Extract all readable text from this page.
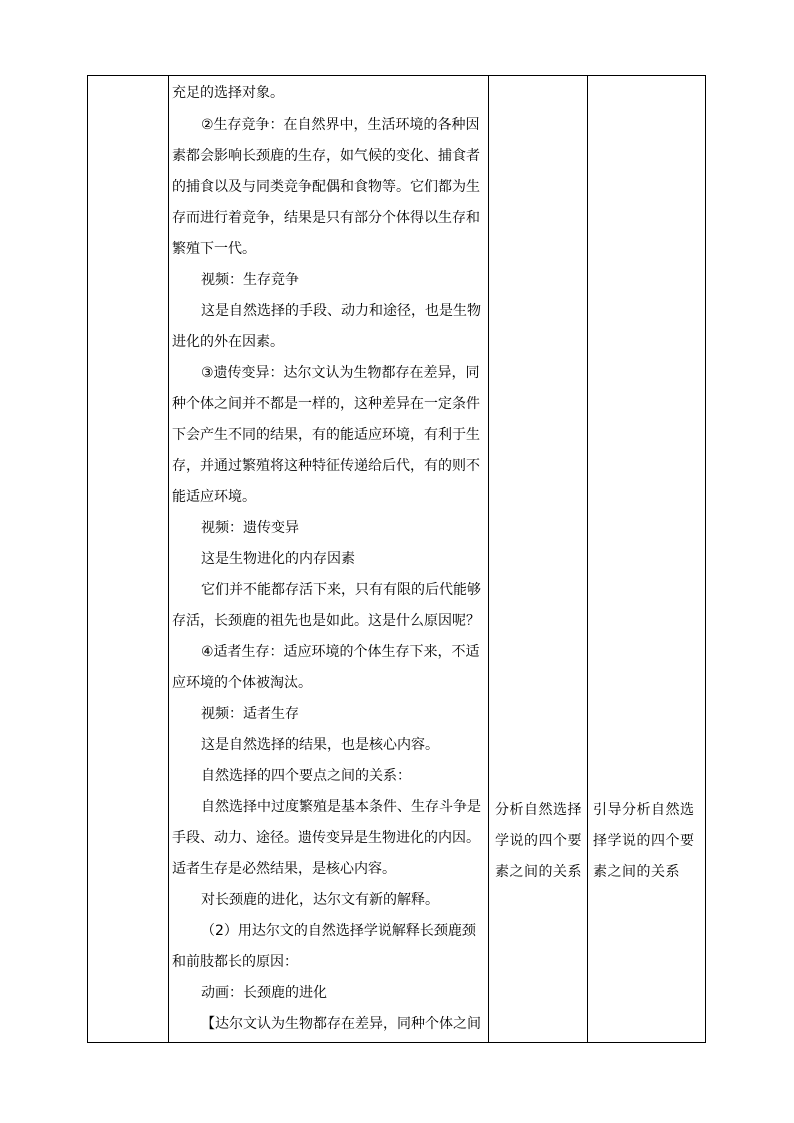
充足的选择对象。
②生存竞争：在自然界中，生活环境的各种因
素都会影响长颈鹿的生存，如气候的变化、捕食者
的捕食以及与同类竞争配偶和食物等。它们都为生
存而进行着竞争，结果是只有部分个体得以生存和
繁殖下一代。
视频：生存竞争
这是自然选择的手段、动力和途径，也是生物
进化的外在因素。
③遗传变异：达尔文认为生物都存在差异，同
种个体之间并不都是一样的，这种差异在一定条件
下会产生不同的结果，有的能适应环境，有利于生
存，并通过繁殖将这种特征传递给后代，有的则不
能适应环境。
视频：遗传变异
这是生物进化的内存因素
它们并不能都存活下来，只有有限的后代能够
存活，长颈鹿的祖先也是如此。这是什么原因呢？
④适者生存：适应环境的个体生存下来，不适
应环境的个体被淘汰。
视频：适者生存
这是自然选择的结果，也是核心内容。
自然选择的四个要点之间的关系：
自然选择中过度繁殖是基本条件、生存斗争是
手段、动力、途径。遗传变异是生物进化的内因。
适者生存是必然结果，是核心内容。
对长颈鹿的进化，达尔文有新的解释。
（2）用达尔文的自然选择学说解释长颈鹿颈
和前肢都长的原因：
动画：长颈鹿的进化
【达尔文认为生物都存在差异，同种个体之间
分析自然选择
学说的四个要
素之间的关系
引导分析自然选
择学说的四个要
素之间的关系
